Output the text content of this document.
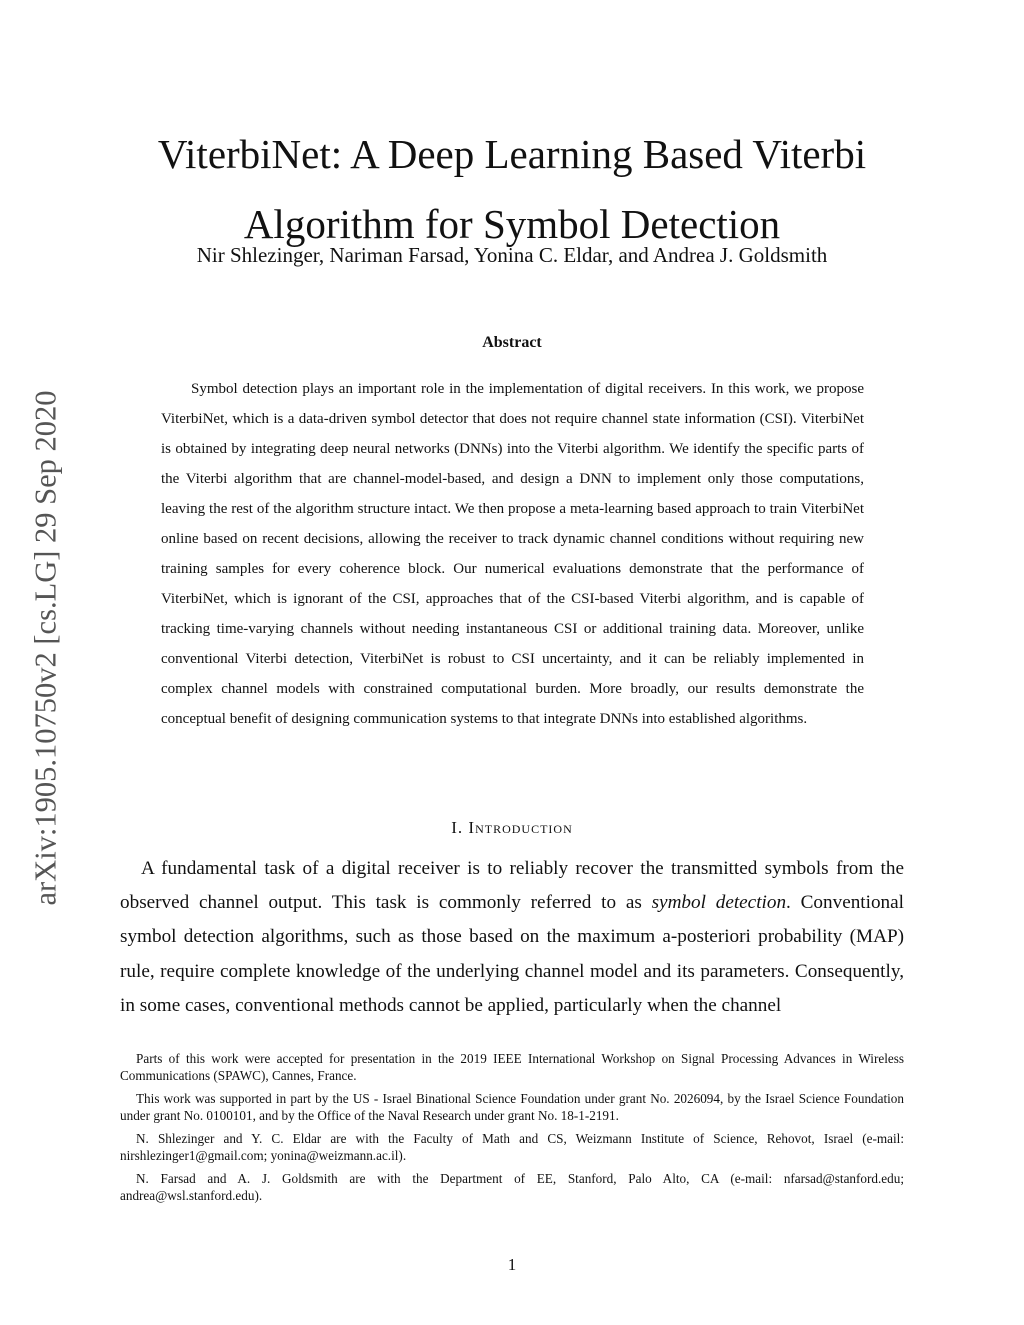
arXiv:1905.10750v2 [cs.LG] 29 Sep 2020
ViterbiNet: A Deep Learning Based Viterbi
Algorithm for Symbol Detection
Nir Shlezinger, Nariman Farsad, Yonina C. Eldar, and Andrea J. Goldsmith
Abstract
Symbol detection plays an important role in the implementation of digital receivers. In this work, we propose ViterbiNet, which is a data-driven symbol detector that does not require channel state information (CSI). ViterbiNet is obtained by integrating deep neural networks (DNNs) into the Viterbi algorithm. We identify the specific parts of the Viterbi algorithm that are channel-model-based, and design a DNN to implement only those computations, leaving the rest of the algorithm structure intact. We then propose a meta-learning based approach to train ViterbiNet online based on recent decisions, allowing the receiver to track dynamic channel conditions without requiring new training samples for every coherence block. Our numerical evaluations demonstrate that the performance of ViterbiNet, which is ignorant of the CSI, approaches that of the CSI-based Viterbi algorithm, and is capable of tracking time-varying channels without needing instantaneous CSI or additional training data. Moreover, unlike conventional Viterbi detection, ViterbiNet is robust to CSI uncertainty, and it can be reliably implemented in complex channel models with constrained computational burden. More broadly, our results demonstrate the conceptual benefit of designing communication systems to that integrate DNNs into established algorithms.
I. Introduction

A fundamental task of a digital receiver is to reliably recover the transmitted symbols from the observed channel output. This task is commonly referred to as symbol detection. Conventional symbol detection algorithms, such as those based on the maximum a-posteriori probability (MAP) rule, require complete knowledge of the underlying channel model and its parameters. Consequently, in some cases, conventional methods cannot be applied, particularly when the channel

Parts of this work were accepted for presentation in the 2019 IEEE International Workshop on Signal Processing Advances in Wireless Communications (SPAWC), Cannes, France.

This work was supported in part by the US - Israel Binational Science Foundation under grant No. 2026094, by the Israel Science Foundation under grant No. 0100101, and by the Office of the Naval Research under grant No. 18-1-2191.

N. Shlezinger and Y. C. Eldar are with the Faculty of Math and CS, Weizmann Institute of Science, Rehovot, Israel (e-mail: nirshlezinger1@gmail.com; yonina@weizmann.ac.il).

N. Farsad and A. J. Goldsmith are with the Department of EE, Stanford, Palo Alto, CA (e-mail: nfarsad@stanford.edu; andrea@wsl.stanford.edu).

1
